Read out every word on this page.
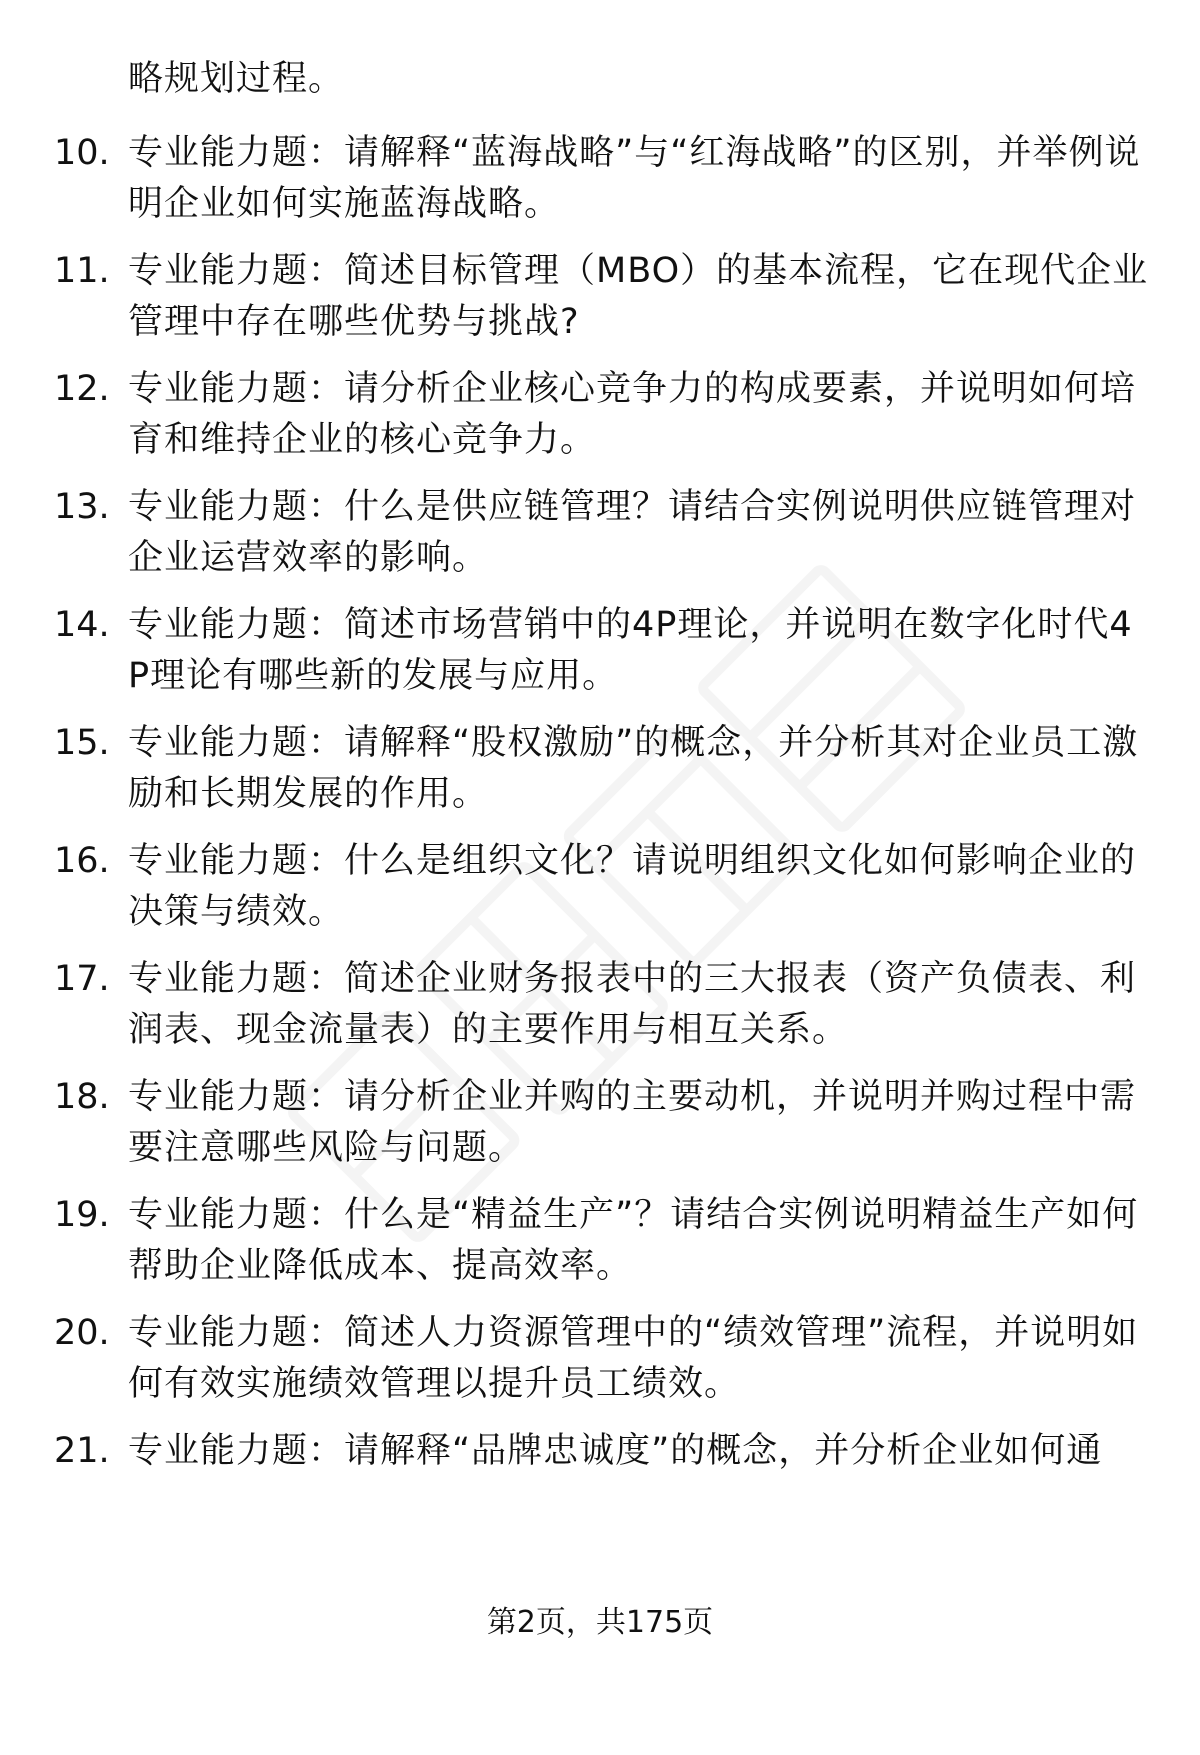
略规划过程。
10. 专业能力题：请解释“蓝海战略”与“红海战略”的区别，并举例说明企业如何实施蓝海战略。
11. 专业能力题：简述目标管理（MBO）的基本流程，它在现代企业管理中存在哪些优势与挑战?
12. 专业能力题：请分析企业核心竞争力的构成要素，并说明如何培育和维持企业的核心竞争力。
13. 专业能力题：什么是供应链管理？请结合实例说明供应链管理对企业运营效率的影响。
14. 专业能力题：简述市场营销中的4P理论，并说明在数字化时代4P理论有哪些新的发展与应用。
15. 专业能力题：请解释“股权激励”的概念，并分析其对企业员工激励和长期发展的作用。
16. 专业能力题：什么是组织文化？请说明组织文化如何影响企业的决策与绩效。
17. 专业能力题：简述企业财务报表中的三大报表（资产负债表、利润表、现金流量表）的主要作用与相互关系。
18. 专业能力题：请分析企业并购的主要动机，并说明并购过程中需要注意哪些风险与问题。
19. 专业能力题：什么是“精益生产”？请结合实例说明精益生产如何帮助企业降低成本、提高效率。
20. 专业能力题：简述人力资源管理中的“绩效管理”流程，并说明如何有效实施绩效管理以提升员工绩效。
21. 专业能力题：请解释“品牌忠诚度”的概念，并分析企业如何通
第2页，共175页
